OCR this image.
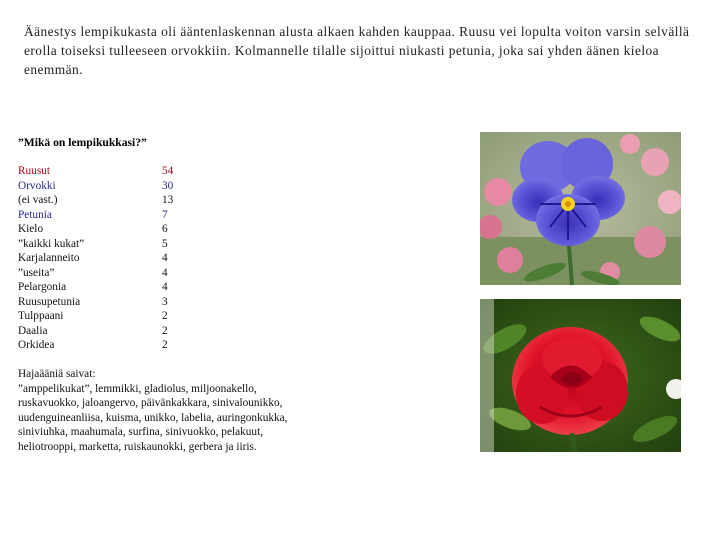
Äänestys lempikukasta oli ääntenlaskennan alusta alkaen kahden kauppaa. Ruusu vei lopulta voiton varsin selvällä erolla toiseksi tulleeseen orvokkiin. Kolmannelle tilalle sijoittui niukasti petunia, joka sai yhden äänen kieloa enemmän.
”Mikä on lempikukkasi?”
Ruusut	54
Orvokki	30
(ei vast.)	13
Petunia	7
Kielo	6
”kaikki kukat”	5
Karjalanneito	4
”useita”	4
Pelargonia	4
Ruusupetunia	3
Tulppaani	2
Daalia	2
Orkidea	2
Hajaääniä saivat:
”amppelikukat”, lemmikki, gladiolus, miljoonakello, ruskavuokko, jaloangervo, päivänkakkara, sinivalounikko, uudenguineanliisa, kuisma, unikko, labelia, auringonkukka, siniviuhka, maahumala, surfina, sinivuokko, pelakuut, heliotrooppi, marketta, ruiskaunokki, gerbera ja iiris.
